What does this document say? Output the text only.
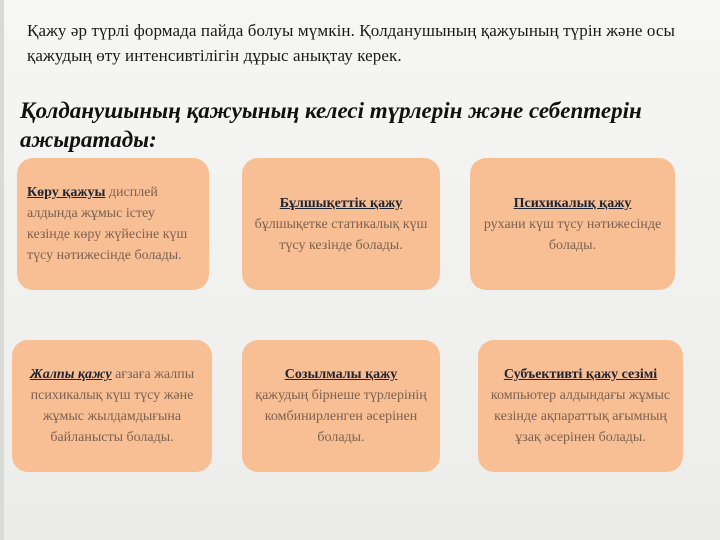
Қажу әр түрлі формада пайда болуы мүмкін. Қолданушының қажуының түрін және осы қажудың өту интенсивтілігін дұрыс анықтау керек.
Қолданушының қажуының келесі түрлерін және себептерін ажыратады:
Көру қажуы дисплей алдында жұмыс істеу кезінде көру жүйесіне күш түсу нәтижесінде болады.
Бұлшықеттік қажу
бұлшықетке статикалық күш түсу кезінде болады.
Психикалық қажу
рухани күш түсу нәтижесінде болады.
Жалпы қажу ағзаға жалпы психикалық күш түсу және жұмыс жылдамдығына байланысты болады.
Созылмалы қажу
қажудың бірнеше түрлерінің комбинирленген әсерінен болады.
Субъективті қажу сезімі компьютер алдындағы жұмыс кезінде ақпараттық ағымның ұзақ әсерінен болады.
